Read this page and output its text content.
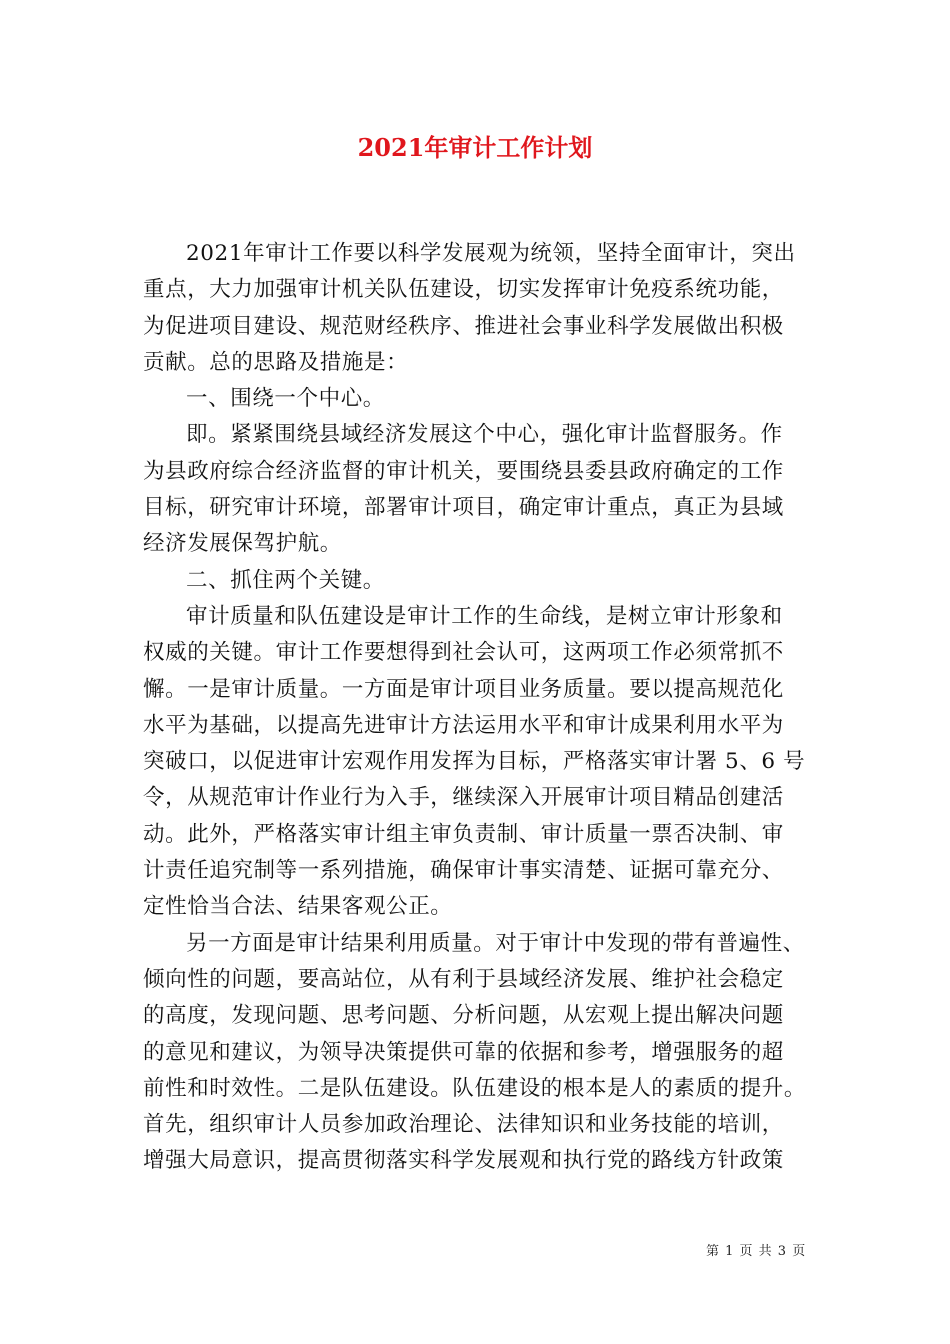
2021年审计工作计划
2021年审计工作要以科学发展观为统领，坚持全面审计，突出
重点，大力加强审计机关队伍建设，切实发挥审计免疫系统功能，
为促进项目建设、规范财经秩序、推进社会事业科学发展做出积极
贡献。总的思路及措施是：
一、围绕一个中心。
即。紧紧围绕县域经济发展这个中心，强化审计监督服务。作
为县政府综合经济监督的审计机关，要围绕县委县政府确定的工作
目标，研究审计环境，部署审计项目，确定审计重点，真正为县域
经济发展保驾护航。
二、抓住两个关键。
审计质量和队伍建设是审计工作的生命线，是树立审计形象和
权威的关键。审计工作要想得到社会认可，这两项工作必须常抓不
懈。一是审计质量。一方面是审计项目业务质量。要以提高规范化
水平为基础，以提高先进审计方法运用水平和审计成果利用水平为
突破口，以促进审计宏观作用发挥为目标，严格落实审计署 5、6 号
令，从规范审计作业行为入手，继续深入开展审计项目精品创建活
动。此外，严格落实审计组主审负责制、审计质量一票否决制、审
计责任追究制等一系列措施，确保审计事实清楚、证据可靠充分、
定性恰当合法、结果客观公正。
另一方面是审计结果利用质量。对于审计中发现的带有普遍性、
倾向性的问题，要高站位，从有利于县域经济发展、维护社会稳定
的高度，发现问题、思考问题、分析问题，从宏观上提出解决问题
的意见和建议，为领导决策提供可靠的依据和参考，增强服务的超
前性和时效性。二是队伍建设。队伍建设的根本是人的素质的提升。
首先，组织审计人员参加政治理论、法律知识和业务技能的培训，
增强大局意识，提高贯彻落实科学发展观和执行党的路线方针政策
第 1 页 共 3 页
